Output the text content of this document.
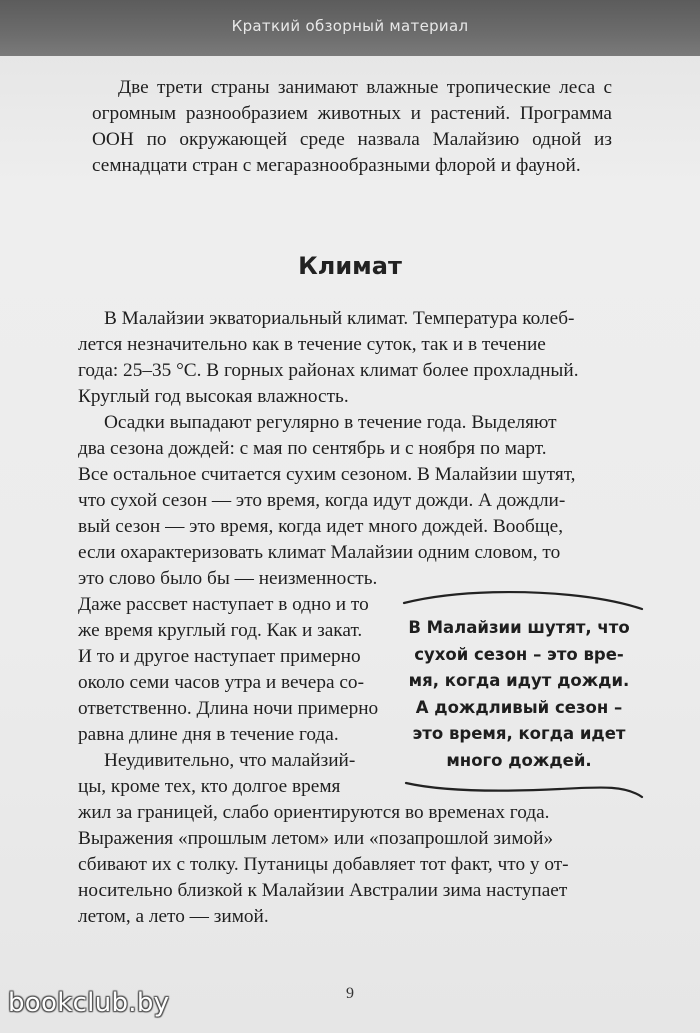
Краткий обзорный материал

Две трети страны занимают влажные тропические леса с огромным разнообразием животных и растений. Программа ООН по окружающей среде назвала Малайзию одной из семнадцати стран с мегаразнообразными флорой и фауной.

Климат

В Малайзии экваториальный климат. Температура колеб-

лется незначительно как в течение суток, так и в течение

года: 25–35 °С. В горных районах климат более прохладный.

Круглый год высокая влажность.

Осадки выпадают регулярно в течение года. Выделяют

два сезона дождей: с мая по сентябрь и с ноября по март.

Все остальное считается сухим сезоном. В Малайзии шутят,

что сухой сезон — это время, когда идут дожди. А дождли-

вый сезон — это время, когда идет много дождей. Вообще,

если охарактеризовать климат Малайзии одним словом, то

это слово было бы — неизменность.

Даже рассвет наступает в одно и то

же время круглый год. Как и закат.

И то и другое наступает примерно

около семи часов утра и вечера со-

ответственно. Длина ночи примерно

равна длине дня в течение года.

Неудивительно, что малайзий-

цы, кроме тех, кто долгое время

жил за границей, слабо ориентируются во временах года.

Выражения «прошлым летом» или «позапрошлой зимой»

сбивают их с толку. Путаницы добавляет тот факт, что у от-

носительно близкой к Малайзии Австралии зима наступает

летом, а лето — зимой.

В Малайзии шутят, что
сухой сезон – это вре-
мя, когда идут дожди.
А дождливый сезон –
это время, когда идет
много дождей.
9
bookclub.by
